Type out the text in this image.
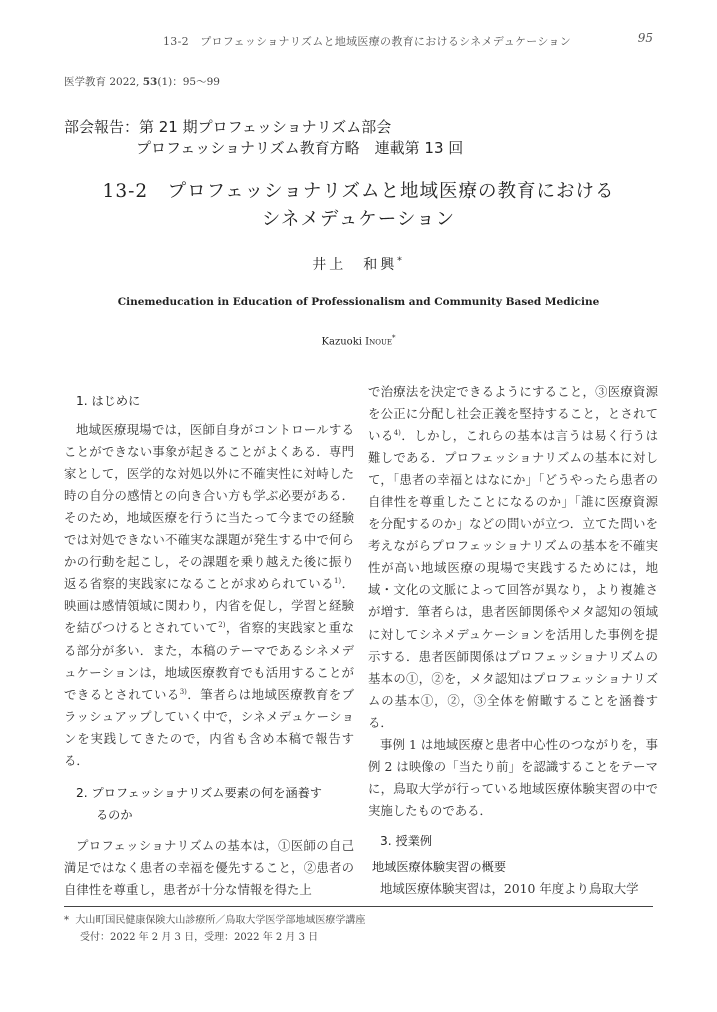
13-2　プロフェッショナリズムと地域医療の教育におけるシネメデュケーション	95
医学教育 2022, 53(1)：95～99
部会報告：第 21 期プロフェッショナリズム部会
プロフェッショナリズム教育方略　連載第 13 回
13-2　プロフェッショナリズムと地域医療の教育における
シネメデュケーション
井上　和興*
Cinemeducation in Education of Professionalism and Community Based Medicine
Kazuoki Inoue*
1. はじめに

地域医療現場では，医師自身がコントロールすることができない事象が起きることがよくある．専門家として，医学的な対処以外に不確実性に対峙した時の自分の感情との向き合い方も学ぶ必要がある．そのため，地域医療を行うに当たって今までの経験では対処できない不確実な課題が発生する中で何らかの行動を起こし，その課題を乗り越えた後に振り返る省察的実践家になることが求められている$^{1)}$．映画は感情領域に関わり，内省を促し，学習と経験を結びつけるとされていて$^{2)}$，省察的実践家と重なる部分が多い．また，本稿のテーマであるシネメデュケーションは，地域医療教育でも活用することができるとされている$^{3)}$．筆者らは地域医療教育をブラッシュアップしていく中で，シネメデュケーションを実践してきたので，内省も含め本稿で報告する．

2. プロフェッショナリズム要素の何を涵養す
るのか

プロフェッショナリズムの基本は，①医師の自己満足ではなく患者の幸福を優先すること，②患者の自律性を尊重し，患者が十分な情報を得た上

で治療法を決定できるようにすること，③医療資源を公正に分配し社会正義を堅持すること，とされている$^{4)}$．しかし，これらの基本は言うは易く行うは難しである．プロフェッショナリズムの基本に対して，「患者の幸福とはなにか」「どうやったら患者の自律性を尊重したことになるのか」「誰に医療資源を分配するのか」などの問いが立つ．立てた問いを考えながらプロフェッショナリズムの基本を不確実性が高い地域医療の現場で実践するためには，地域・文化の文脈によって回答が異なり，より複雑さが増す．筆者らは，患者医師関係やメタ認知の領域に対してシネメデュケーションを活用した事例を提示する．患者医師関係はプロフェッショナリズムの基本の①，②を，メタ認知はプロフェッショナリズムの基本①，②，③全体を俯瞰することを涵養する．

事例 1 は地域医療と患者中心性のつながりを，事例 2 は映像の「当たり前」を認識することをテーマに，鳥取大学が行っている地域医療体験実習の中で実施したものである．

3. 授業例
地域医療体験実習の概要

地域医療体験実習は，2010 年度より鳥取大学

* 大山町国民健康保険大山診療所／鳥取大学医学部地域医療学講座
受付：2022 年 2 月 3 日，受理：2022 年 2 月 3 日
